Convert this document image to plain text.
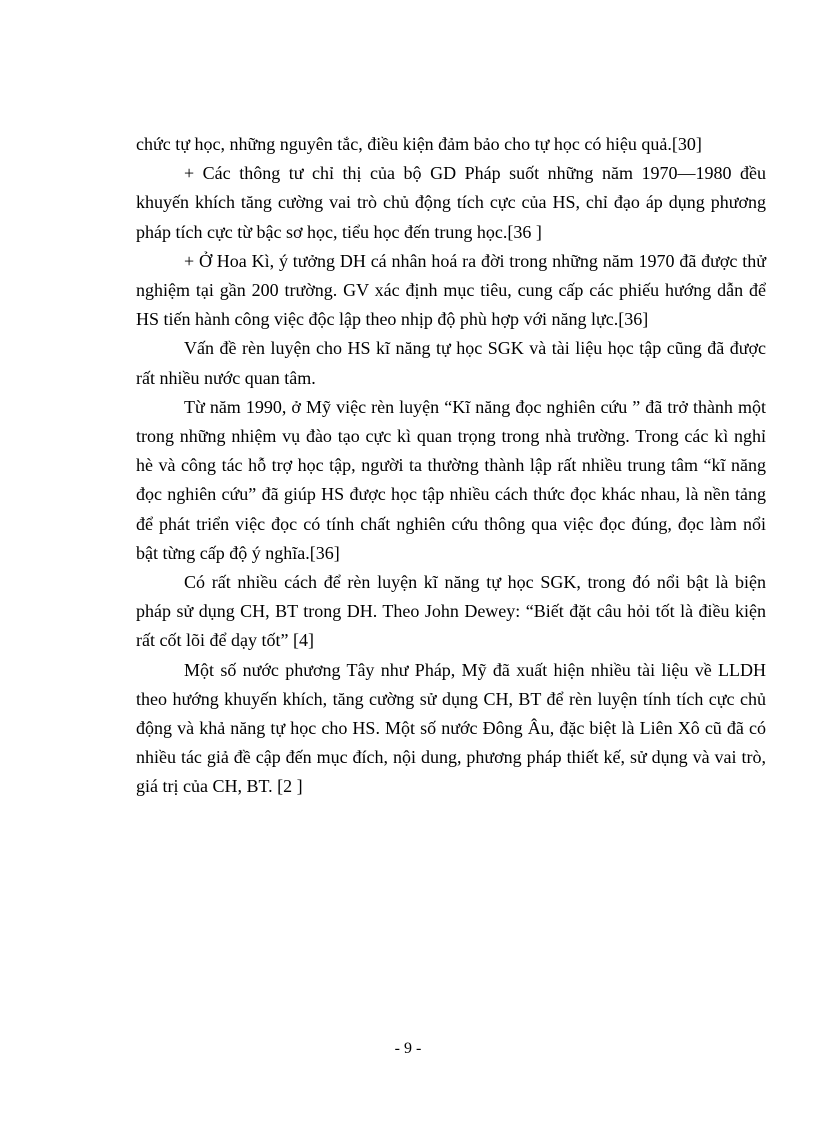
chức tự học, những nguyên tắc, điều kiện đảm bảo cho tự học có hiệu quả.[30]

+ Các thông tư chỉ thị của bộ GD Pháp suốt những năm 1970—1980 đều khuyến khích tăng cường vai trò chủ động tích cực của HS, chỉ đạo áp dụng phương pháp tích cực từ bậc sơ học, tiểu học đến trung học.[36 ]

+ Ở Hoa Kì, ý tưởng DH cá nhân hoá ra đời trong những năm 1970 đã được thử nghiệm tại gần 200 trường. GV xác định mục tiêu, cung cấp các phiếu hướng dẫn để HS tiến hành công việc độc lập theo nhịp độ phù hợp với năng lực.[36]

Vấn đề rèn luyện cho HS kĩ năng tự học SGK và tài liệu học tập cũng đã được rất nhiều nước quan tâm.

Từ năm 1990, ở Mỹ việc rèn luyện “Kĩ năng đọc nghiên cứu ” đã trở thành một trong những nhiệm vụ đào tạo cực kì quan trọng trong nhà trường. Trong các kì nghỉ hè và công tác hỗ trợ học tập, người ta thường thành lập rất nhiều trung tâm “kĩ năng đọc nghiên cứu” đã giúp HS được học tập nhiều cách thức đọc khác nhau, là nền tảng để phát triển việc đọc có tính chất nghiên cứu thông qua việc đọc đúng, đọc làm nổi bật từng cấp độ ý nghĩa.[36]

Có rất nhiều cách để rèn luyện kĩ năng tự học SGK, trong đó nổi bật là biện pháp sử dụng CH, BT trong DH. Theo John Dewey: “Biết đặt câu hỏi tốt là điều kiện rất cốt lõi để dạy tốt” [4]

Một số nước phương Tây như Pháp, Mỹ đã xuất hiện nhiều tài liệu về LLDH theo hướng khuyến khích, tăng cường sử dụng CH, BT để rèn luyện tính tích cực chủ động và khả năng tự học cho HS. Một số nước Đông Âu, đặc biệt là Liên Xô cũ đã có nhiều tác giả đề cập đến mục đích, nội dung, phương pháp thiết kế, sử dụng và vai trò, giá trị của CH, BT. [2 ]

- 9 -
